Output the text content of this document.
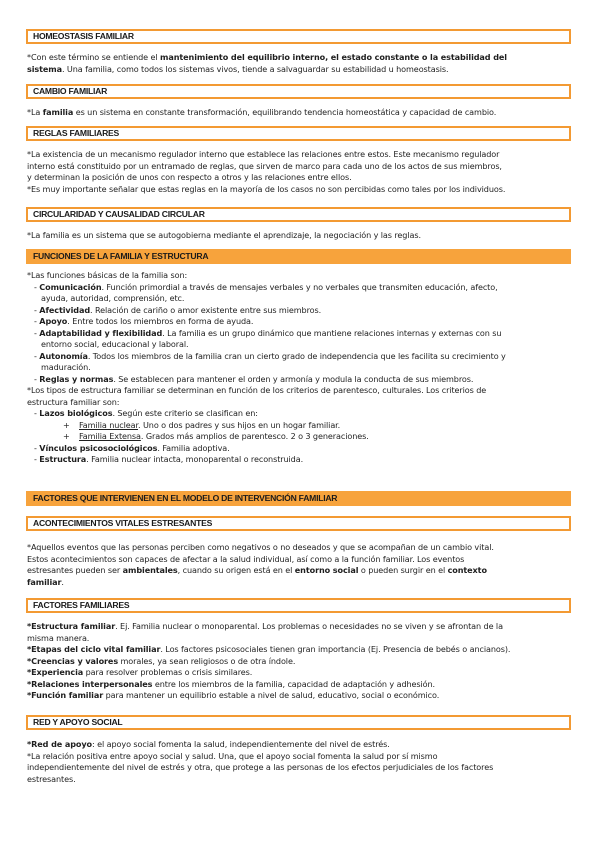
HOMEOSTASIS FAMILIAR
*Con este término se entiende el mantenimiento del equilibrio interno, el estado constante o la estabilidad del
sistema. Una familia, como todos los sistemas vivos, tiende a salvaguardar su estabilidad u homeostasis.
CAMBIO FAMILIAR
*La familia es un sistema en constante transformación, equilibrando tendencia homeostática y capacidad de cambio.
REGLAS FAMILIARES
*La existencia de un mecanismo regulador interno que establece las relaciones entre estos. Este mecanismo regulador
interno está constituido por un entramado de reglas, que sirven de marco para cada uno de los actos de sus miembros,
y determinan la posición de unos con respecto a otros y las relaciones entre ellos.
*Es muy importante señalar que estas reglas en la mayoría de los casos no son percibidas como tales por los individuos.
CIRCULARIDAD Y CAUSALIDAD CIRCULAR
*La familia es un sistema que se autogobierna mediante el aprendizaje, la negociación y las reglas.
FUNCIONES DE LA FAMILIA Y ESTRUCTURA
*Las funciones básicas de la familia son:
- Comunicación. Función primordial a través de mensajes verbales y no verbales que transmiten educación, afecto,
ayuda, autoridad, comprensión, etc.
- Afectividad. Relación de cariño o amor existente entre sus miembros.
- Apoyo. Entre todos los miembros en forma de ayuda.
- Adaptabilidad y flexibilidad. La familia es un grupo dinámico que mantiene relaciones internas y externas con su
entorno social, educacional y laboral.
- Autonomía. Todos los miembros de la familia cran un cierto grado de independencia que les facilita su crecimiento y
maduración.
- Reglas y normas. Se establecen para mantener el orden y armonía y modula la conducta de sus miembros.
*Los tipos de estructura familiar se determinan en función de los criterios de parentesco, culturales. Los criterios de
estructura familiar son:
- Lazos biológicos. Según este criterio se clasifican en:
+ Familia nuclear. Uno o dos padres y sus hijos en un hogar familiar.
+ Familia Extensa. Grados más amplios de parentesco. 2 o 3 generaciones.
- Vínculos psicosociológicos. Familia adoptiva.
- Estructura. Familia nuclear intacta, monoparental o reconstruida.
FACTORES QUE INTERVIENEN EN EL MODELO DE INTERVENCIÓN FAMILIAR
ACONTECIMIENTOS VITALES ESTRESANTES
*Aquellos eventos que las personas perciben como negativos o no deseados y que se acompañan de un cambio vital.
Estos acontecimientos son capaces de afectar a la salud individual, así como a la función familiar. Los eventos
estresantes pueden ser ambientales, cuando su origen está en el entorno social o pueden surgir en el contexto
familiar.
FACTORES FAMILIARES
*Estructura familiar. Ej. Familia nuclear o monoparental. Los problemas o necesidades no se viven y se afrontan de la
misma manera.
*Etapas del ciclo vital familiar. Los factores psicosociales tienen gran importancia (Ej. Presencia de bebés o ancianos).
*Creencias y valores morales, ya sean religiosos o de otra índole.
*Experiencia para resolver problemas o crisis similares.
*Relaciones interpersonales entre los miembros de la familia, capacidad de adaptación y adhesión.
*Función familiar para mantener un equilibrio estable a nivel de salud, educativo, social o económico.
RED Y APOYO SOCIAL
*Red de apoyo: el apoyo social fomenta la salud, independientemente del nivel de estrés.
*La relación positiva entre apoyo social y salud. Una, que el apoyo social fomenta la salud por sí mismo
independientemente del nivel de estrés y otra, que protege a las personas de los efectos perjudiciales de los factores
estresantes.
